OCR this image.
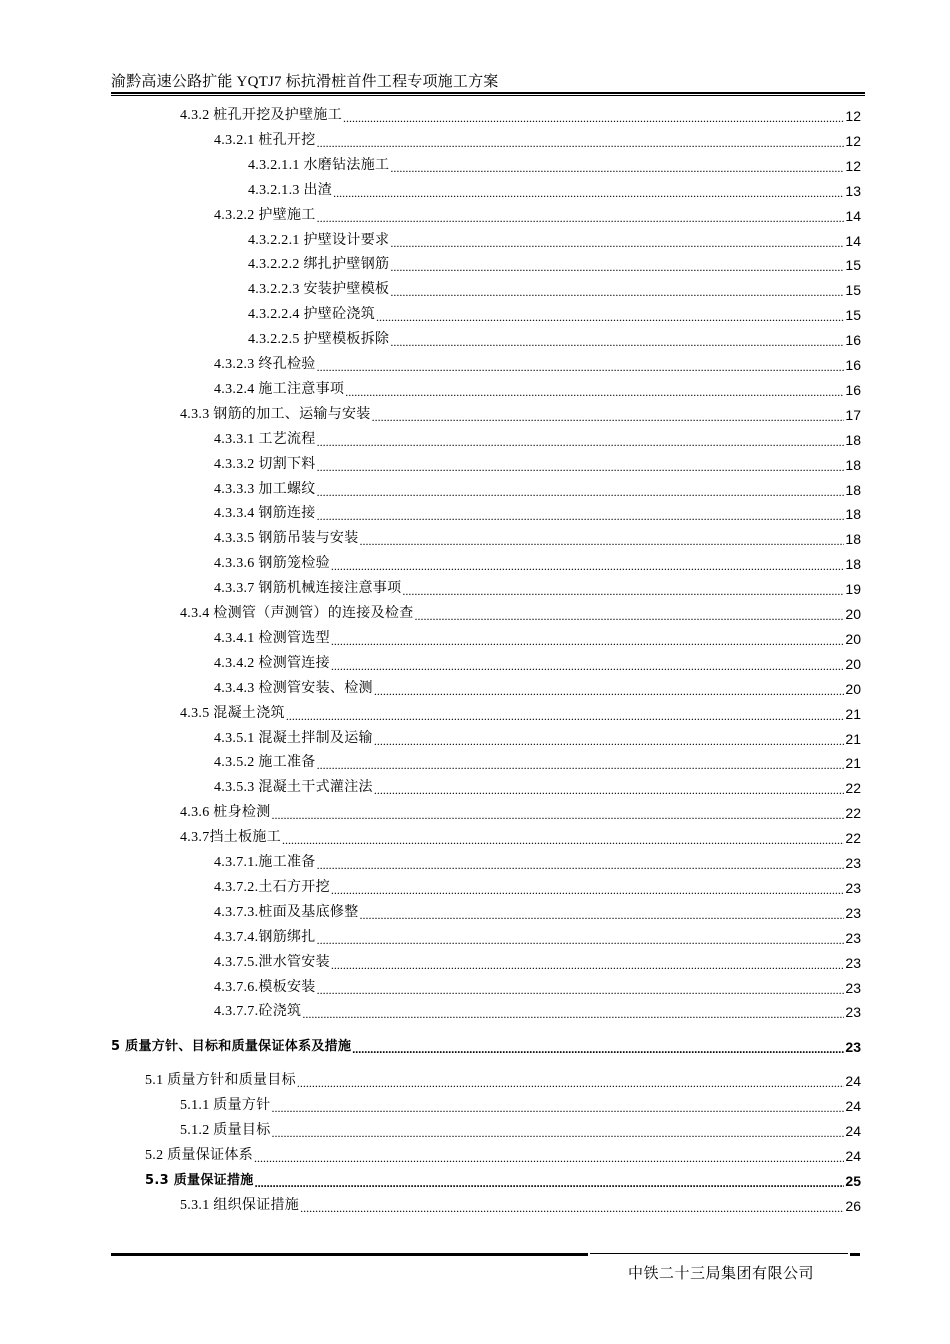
渝黔高速公路扩能 YQTJ7 标抗滑桩首件工程专项施工方案
4.3.2 桩孔开挖及护壁施工 .....	12
4.3.2.1 桩孔开挖 .....	12
4.3.2.1.1 水磨钻法施工 .....	12
4.3.2.1.3 出渣 .....	13
4.3.2.2 护壁施工 .....	14
4.3.2.2.1 护壁设计要求 .....	14
4.3.2.2.2 绑扎护壁钢筋 .....	15
4.3.2.2.3 安装护壁模板 .....	15
4.3.2.2.4 护壁砼浇筑 .....	15
4.3.2.2.5 护壁模板拆除 .....	16
4.3.2.3 终孔检验 .....	16
4.3.2.4 施工注意事项 .....	16
4.3.3 钢筋的加工、运输与安装 .....	17
4.3.3.1 工艺流程 .....	18
4.3.3.2 切割下料 .....	18
4.3.3.3 加工螺纹 .....	18
4.3.3.4 钢筋连接 .....	18
4.3.3.5 钢筋吊装与安装 .....	18
4.3.3.6 钢筋笼检验 .....	18
4.3.3.7 钢筋机械连接注意事项 .....	19
4.3.4 检测管（声测管）的连接及检查 .....	20
4.3.4.1 检测管选型 .....	20
4.3.4.2 检测管连接 .....	20
4.3.4.3 检测管安装、检测 .....	20
4.3.5 混凝土浇筑 .....	21
4.3.5.1 混凝土拌制及运输 .....	21
4.3.5.2 施工准备 .....	21
4.3.5.3 混凝土干式灌注法 .....	22
4.3.6 桩身检测 .....	22
4.3.7挡土板施工 .....	22
4.3.7.1.施工准备 .....	23
4.3.7.2.土石方开挖 .....	23
4.3.7.3.桩面及基底修整 .....	23
4.3.7.4.钢筋绑扎 .....	23
4.3.7.5.泄水管安装 .....	23
4.3.7.6.模板安装 .....	23
4.3.7.7.砼浇筑 .....	23
5 质量方针、目标和质量保证体系及措施 .....	23
5.1 质量方针和质量目标 .....	24
5.1.1 质量方针 .....	24
5.1.2 质量目标 .....	24
5.2 质量保证体系 .....	24
5.3 质量保证措施 .....	25
5.3.1 组织保证措施 .....	26
中铁二十三局集团有限公司
